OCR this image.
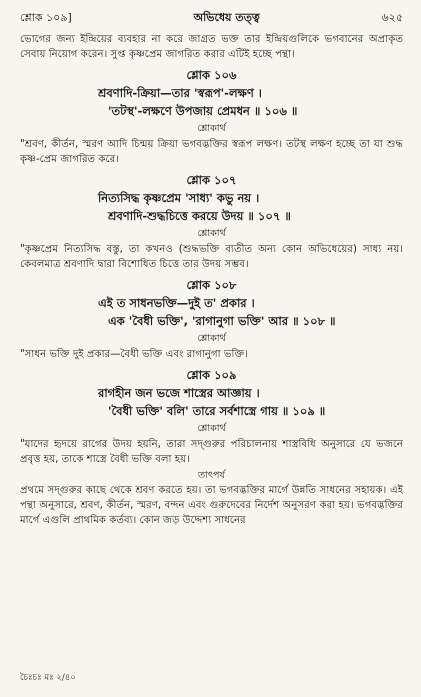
শ্লোক ১০৯]	অভিধেয় তত্ত্ব	৬২৫

ভোগের জন্য ইন্দ্রিয়ের ব্যবহার না করে জাগ্রত ভক্ত তার ইন্দ্রিয়গুলিকে ভগবানের অপ্রাকৃত সেবায় নিয়োগ করেন। সুপ্ত কৃষ্ণপ্রেম জাগরিত করার এটিই হচ্ছে পন্থা।

শ্লোক ১০৬
শ্রবণাদি-ক্রিয়া—তার 'স্বরূপ'-লক্ষণ ।
'তটস্থ'-লক্ষণে উপজায় প্রেমধন ॥ ১০৬ ॥
শ্লোকার্থ

"শ্রবণ, কীর্তন, স্মরণ আদি চিন্ময় ক্রিয়া ভগবদ্ভক্তির স্বরূপ লক্ষণ। তটস্থ লক্ষণ হচ্ছে তা যা শুদ্ধ কৃষ্ণ-প্রেম জাগরিত করে।

শ্লোক ১০৭
নিত্যসিদ্ধ কৃষ্ণপ্রেম 'সাধ্য' কভু নয় ।
শ্রবণাদি-শুদ্ধচিত্তে করয়ে উদয় ॥ ১০৭ ॥
শ্লোকার্থ

"কৃষ্ণপ্রেম নিত্যসিদ্ধ বস্তু, তা কখনও (শুদ্ধভক্তি ব্যতীত অন্য কোন অভিধেয়ের) সাধ্য নয়। কেবলমাত্র শ্রবণাদি দ্বারা বিশোধিত চিত্তে তার উদয় সম্ভব।

শ্লোক ১০৮
এই ত সাধনভক্তি—দুই ত' প্রকার ।
এক 'বৈধী ভক্তি', 'রাগানুগা ভক্তি' আর ॥ ১০৮ ॥
শ্লোকার্থ

"সাধন ভক্তি দুই প্রকার—বৈধী ভক্তি এবং রাগানুগা ভক্তি।

শ্লোক ১০৯
রাগহীন জন ভজে শাস্ত্রের আজ্ঞায় ।
'বৈধী ভক্তি' বলি' তারে সর্বশাস্ত্রে গায় ॥ ১০৯ ॥
শ্লোকার্থ

"যাদের হৃদয়ে রাগের উদয় হয়নি, তারা সদ্‌গুরুর পরিচালনায় শাস্ত্রবিধি অনুসারে যে ভজনে প্রবৃত্ত হয়, তাকে শাস্ত্রে বৈধী ভক্তি বলা হয়।

তাৎপর্য

প্রথমে সদ্‌গুরুর কাছে থেকে শ্রবণ করতে হয়। তা ভগবদ্ভক্তির মার্গে উন্নতি সাধনের সহায়ক। এই পন্থা অনুসারে, শ্রবণ, কীর্তন, স্মরণ, বন্দন এবং গুরুদেবের নির্দেশ অনুসরণ করা হয়। ভগবদ্ভক্তির মার্গে এগুলি প্রাথমিক কর্তব্য। কোন জড় উদ্দেশ্য সাধনের

চৈঃচঃ মঃ ২/৪০
